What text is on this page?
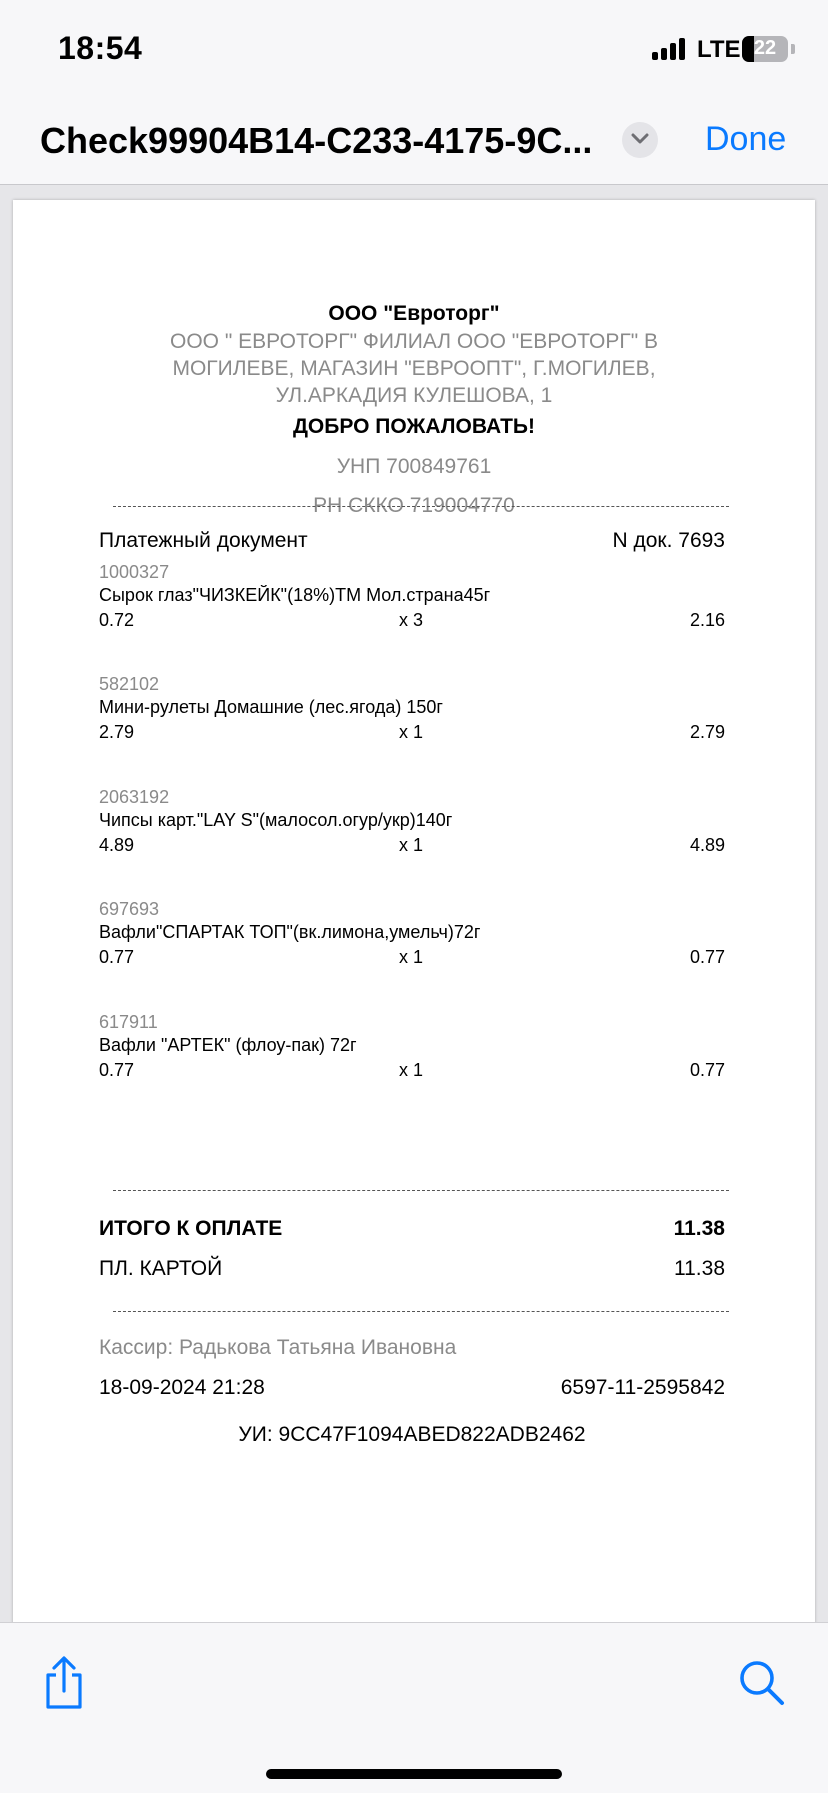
18:54	LTE 22
Check99904B14-C233-4175-9C...	Done
ООО "Евроторг"
ООО " ЕВРОТОРГ" ФИЛИАЛ ООО "ЕВРОТОРГ" В МОГИЛЕВЕ, МАГАЗИН "ЕВРООПТ", Г.МОГИЛЕВ, УЛ.АРКАДИЯ КУЛЕШОВА, 1
ДОБРО ПОЖАЛОВАТЬ!
УНП 700849761
РН СККО 719004770
Платежный документ	N док. 7693
1000327
Сырок глаз"ЧИЗКЕЙК"(18%)ТМ Мол.страна45г
0.72	x 3	2.16
582102
Мини-рулеты Домашние (лес.ягода) 150г
2.79	x 1	2.79
2063192
Чипсы карт."LAY S"(малосол.огур/укр)140г
4.89	x 1	4.89
697693
Вафли"СПАРТАК ТОП"(вк.лимона,умельч)72г
0.77	x 1	0.77
617911
Вафли "АРТЕК" (флоу-пак) 72г
0.77	x 1	0.77
ИТОГО К ОПЛАТЕ	11.38
ПЛ. КАРТОЙ	11.38
Кассир: Радькова Татьяна Ивановна
18-09-2024 21:28	6597-11-2595842
УИ: 9CC47F1094ABED822ADB2462
